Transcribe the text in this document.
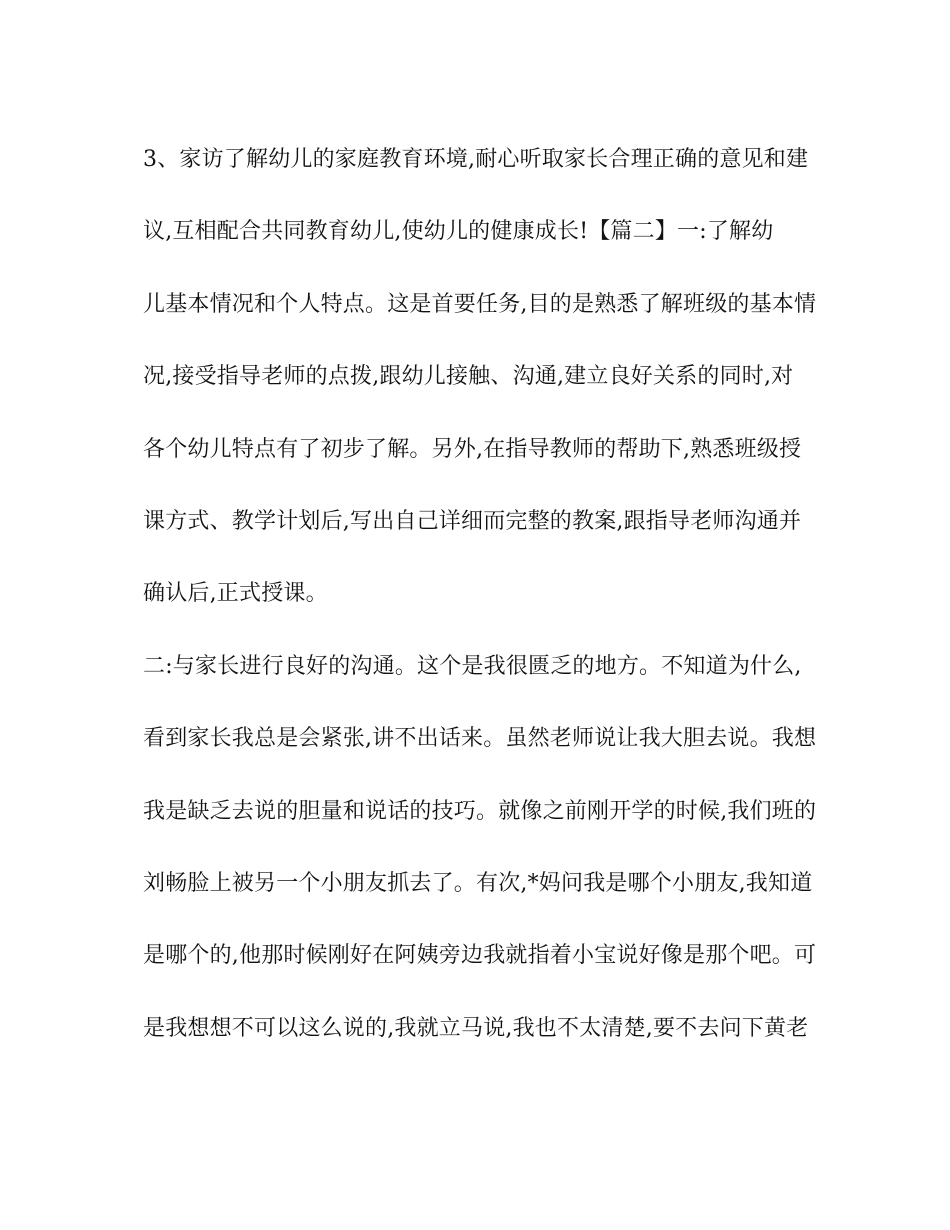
3、家访了解幼儿的家庭教育环境,耐心听取家长合理正确的意见和建
议,互相配合共同教育幼儿,使幼儿的健康成长!【篇二】一:了解幼
儿基本情况和个人特点。这是首要任务,目的是熟悉了解班级的基本情
况,接受指导老师的点拨,跟幼儿接触、沟通,建立良好关系的同时,对
各个幼儿特点有了初步了解。另外,在指导教师的帮助下,熟悉班级授
课方式、教学计划后,写出自己详细而完整的教案,跟指导老师沟通并
确认后,正式授课。
二:与家长进行良好的沟通。这个是我很匮乏的地方。不知道为什么,
看到家长我总是会紧张,讲不出话来。虽然老师说让我大胆去说。我想
我是缺乏去说的胆量和说话的技巧。就像之前刚开学的时候,我们班的
刘畅脸上被另一个小朋友抓去了。有次,*妈问我是哪个小朋友,我知道
是哪个的,他那时候刚好在阿姨旁边我就指着小宝说好像是那个吧。可
是我想想不可以这么说的,我就立马说,我也不太清楚,要不去问下黄老
